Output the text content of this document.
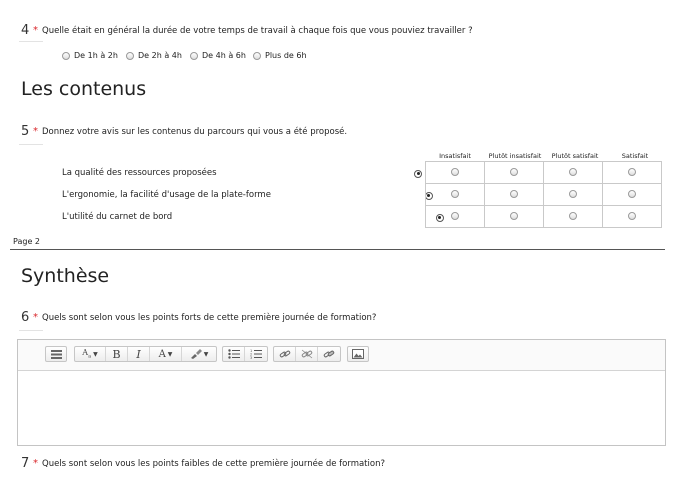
4 * Quelle était en général la durée de votre temps de travail à chaque fois que vous pouviez travailler ?
De 1h à 2h	De 2h à 4h	De 4h à 6h	Plus de 6h
Les contenus
5 * Donnez votre avis sur les contenus du parcours qui vous a été proposé.
Insatisfait	Plutôt insatisfait	Plutôt satisfait	Satisfait
La qualité des ressources proposées
L'ergonomie, la facilité d'usage de la plate-forme
L'utilité du carnet de bord

Page 2
Synthèse
6 * Quels sont selon vous les points forts de cette première journée de formation?
$A_a$ ▼	B	I	A ▼	▼	1
2
3
7 * Quels sont selon vous les points faibles de cette première journée de formation?
